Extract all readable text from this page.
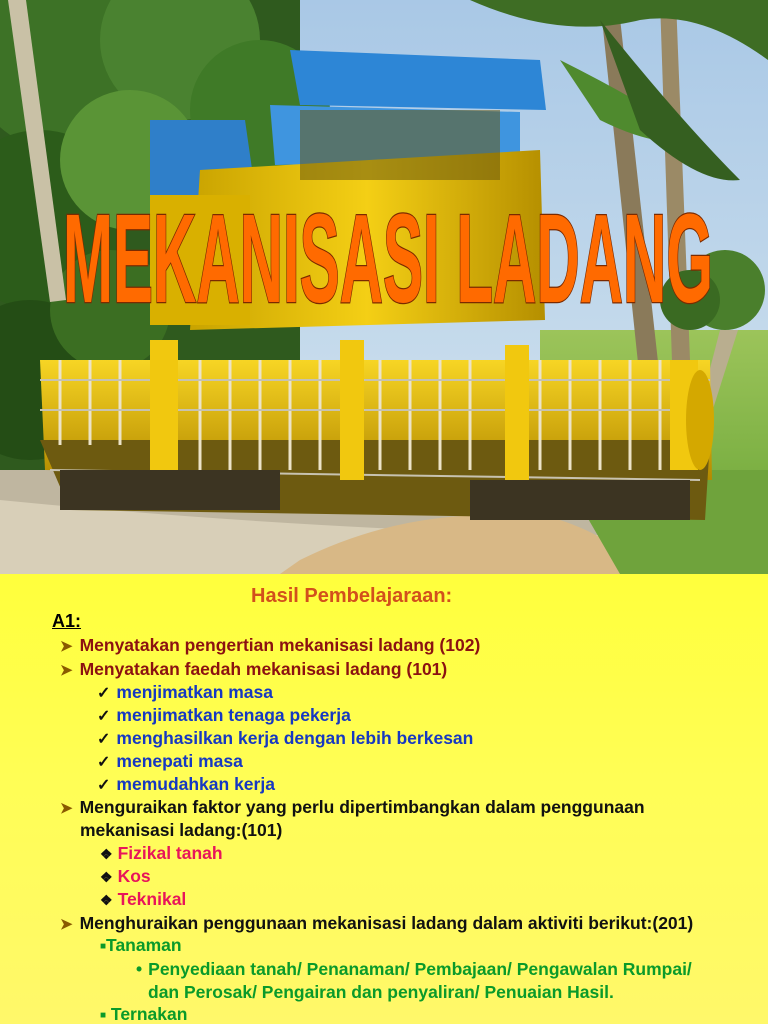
MEKANISASI LADANG
Hasil Pembelajaraan:
A1:
➤ Menyatakan pengertian mekanisasi ladang (102)
➤ Menyatakan faedah mekanisasi ladang (101)
✓ menjimatkan masa
✓ menjimatkan tenaga pekerja
✓ menghasilkan kerja dengan lebih berkesan
✓ menepati masa
✓ memudahkan kerja
➤ Menguraikan faktor yang perlu dipertimbangkan dalam penggunaan
mekanisasi ladang:(101)
❖ Fizikal tanah
❖ Kos
❖ Teknikal
➤ Menghuraikan penggunaan mekanisasi ladang dalam aktiviti berikut:(201)
■Tanaman
• Penyediaan tanah/ Penanaman/ Pembajaan/ Pengawalan Rumpai/
dan Perosak/ Pengairan dan penyaliran/ Penuaian Hasil.
■ Ternakan
